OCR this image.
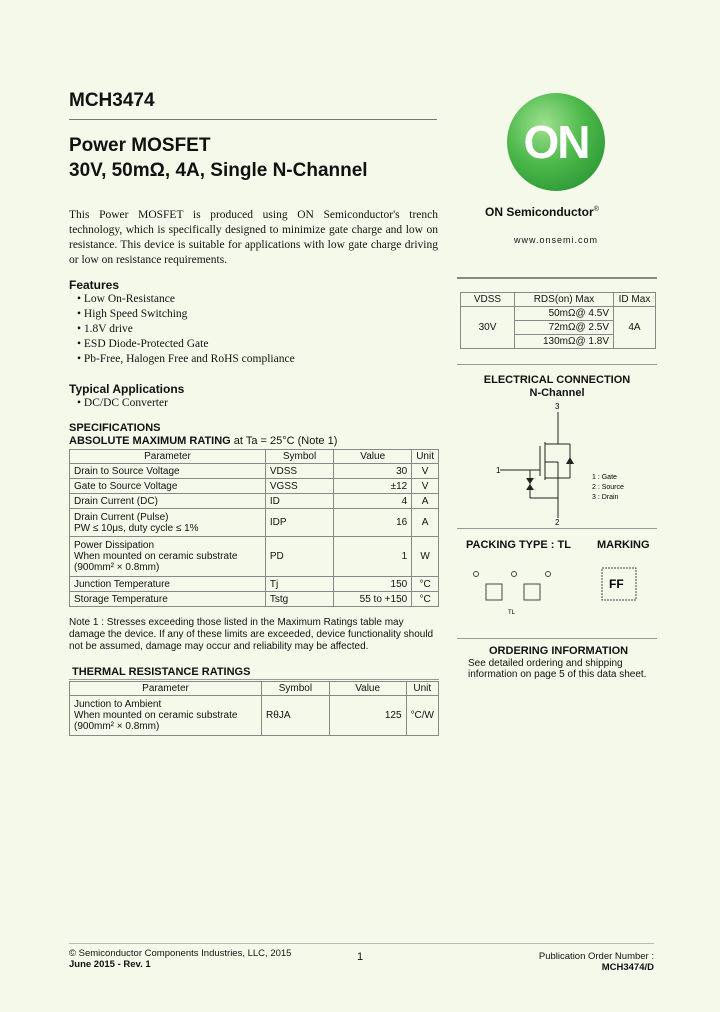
MCH3474
Power MOSFET
30V, 50mΩ, 4A, Single N-Channel
This Power MOSFET is produced using ON Semiconductor's trench technology, which is specifically designed to minimize gate charge and low on resistance. This device is suitable for applications with low gate charge driving or low on resistance requirements.
Features
• Low On-Resistance
• High Speed Switching
• 1.8V drive
• ESD Diode-Protected Gate
• Pb-Free, Halogen Free and RoHS compliance
Typical Applications
• DC/DC Converter
SPECIFICATIONS
ABSOLUTE MAXIMUM RATING at Ta = 25°C (Note 1)
Parameter	Symbol	Value	Unit
Drain to Source Voltage	VDSS	30	V
Gate to Source Voltage	VGSS	±12	V
Drain Current (DC)	ID	4	A

Drain Current (Pulse)
PW ≤ 10μs, duty cycle ≤ 1%	IDP	16	A

Power Dissipation
When mounted on ceramic substrate
(900mm² × 0.8mm)	PD	1	W
Junction Temperature	Tj	150	°C
Storage Temperature	Tstg	55 to +150	°C
Note 1 : Stresses exceeding those listed in the Maximum Ratings table may damage the device. If any of these limits are exceeded, device functionality should not be assumed, damage may occur and reliability may be affected.
THERMAL RESISTANCE RATINGS
Parameter	Symbol	Value	Unit

Junction to Ambient
When mounted on ceramic substrate
(900mm² × 0.8mm)	RθJA	125	°C/W
ON
ON Semiconductor®
www.onsemi.com
VDSS	RDS(on) Max	ID Max
30V	50mΩ@ 4.5V	4A
	72mΩ@ 2.5V	
	130mΩ@ 1.8V	
ELECTRICAL CONNECTION
N-Channel
3
1
2
1 : Gate
2 : Source
3 : Drain
PACKING TYPE : TL MARKING
TL
FF
ORDERING INFORMATION
See detailed ordering and shipping information on page 5 of this data sheet.
© Semiconductor Components Industries, LLC, 2015
June 2015 - Rev. 1
1	Publication Order Number :
MCH3474/D
